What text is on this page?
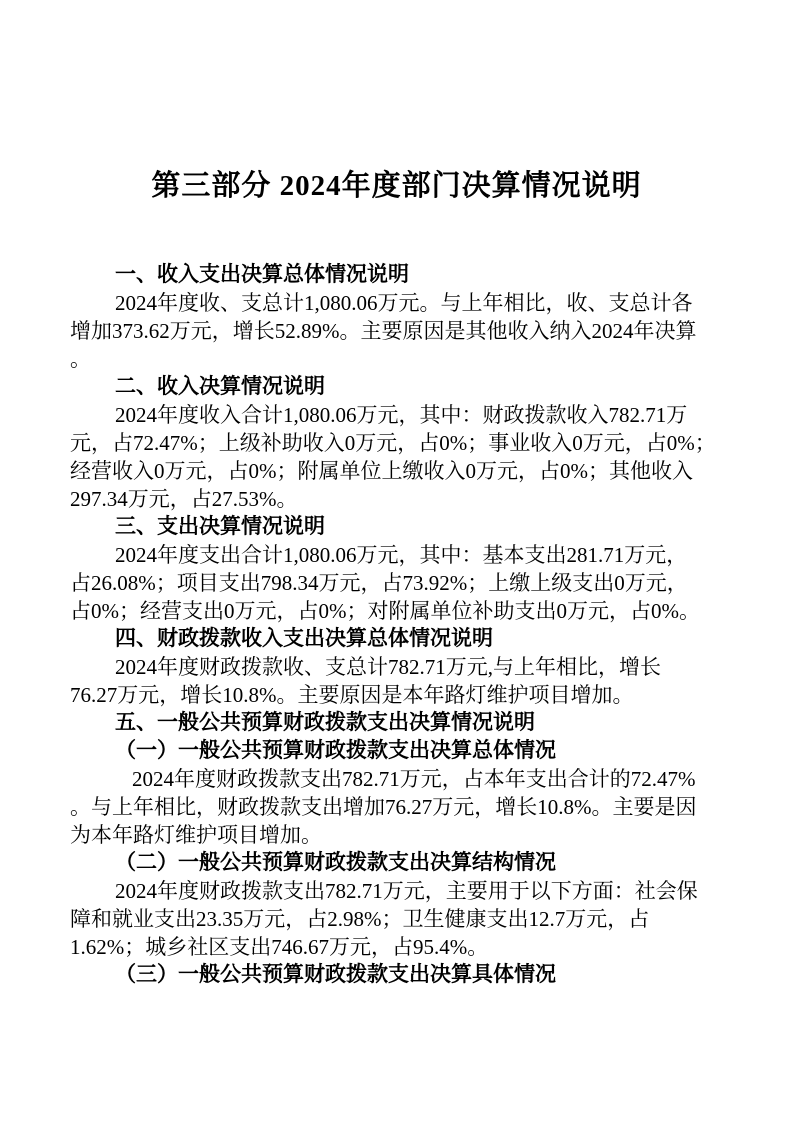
第三部分 2024年度部门决算情况说明
一、收入支出决算总体情况说明
2024年度收、支总计1,080.06万元。与上年相比，收、支总计各
增加373.62万元，增长52.89%。主要原因是其他收入纳入2024年决算
。
二、收入决算情况说明
2024年度收入合计1,080.06万元，其中：财政拨款收入782.71万
元，占72.47%；上级补助收入0万元，占0%；事业收入0万元，占0%；
经营收入0万元，占0%；附属单位上缴收入0万元，占0%；其他收入
297.34万元，占27.53%。
三、支出决算情况说明
2024年度支出合计1,080.06万元，其中：基本支出281.71万元，
占26.08%；项目支出798.34万元，占73.92%；上缴上级支出0万元，
占0%；经营支出0万元，占0%；对附属单位补助支出0万元，占0%。
四、财政拨款收入支出决算总体情况说明
2024年度财政拨款收、支总计782.71万元,与上年相比，增长
76.27万元，增长10.8%。主要原因是本年路灯维护项目增加。
五、一般公共预算财政拨款支出决算情况说明
（一）一般公共预算财政拨款支出决算总体情况
2024年度财政拨款支出782.71万元，占本年支出合计的72.47%
。与上年相比，财政拨款支出增加76.27万元，增长10.8%。主要是因
为本年路灯维护项目增加。
（二）一般公共预算财政拨款支出决算结构情况
2024年度财政拨款支出782.71万元，主要用于以下方面：社会保
障和就业支出23.35万元，占2.98%；卫生健康支出12.7万元，占
1.62%；城乡社区支出746.67万元，占95.4%。
（三）一般公共预算财政拨款支出决算具体情况
